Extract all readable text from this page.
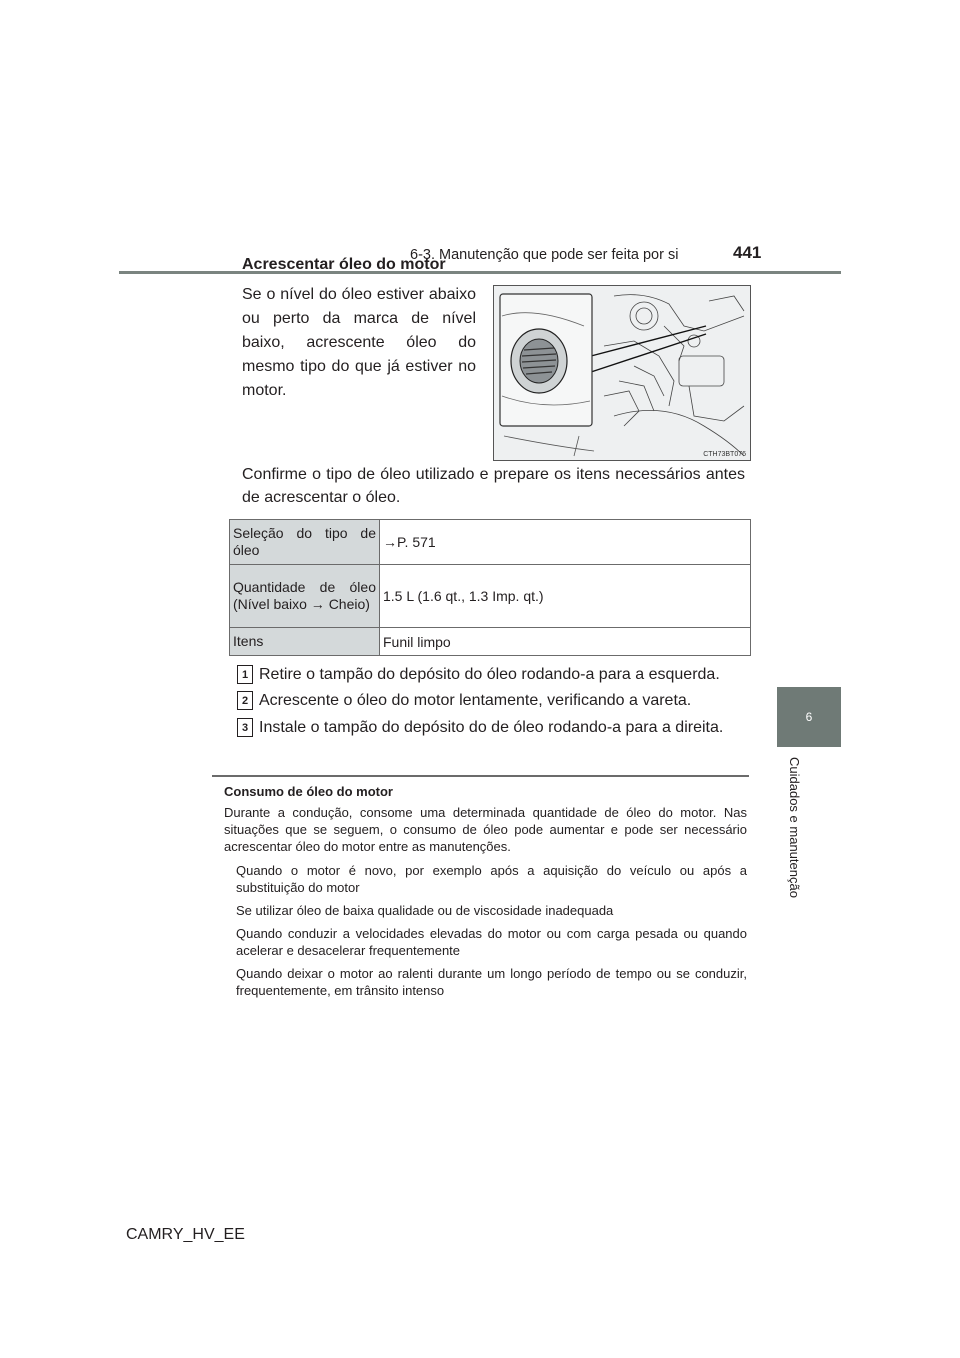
6-3. Manutenção que pode ser feita por si	441
6
Cuidados e manutenção
Acrescentar óleo do motor
Se o nível do óleo estiver abaixo ou perto da marca de nível baixo, acrescente óleo do mesmo tipo do que já estiver no motor.
CTH73BT076
Confirme o tipo de óleo utilizado e prepare os itens necessários antes de acrescentar o óleo.
Seleção do tipo de óleo	→P. 571
Quantidade de óleo (Nível baixo → Cheio)	1.5 L (1.6 qt., 1.3 Imp. qt.)
Itens	Funil limpo
1 Retire o tampão do depósito do óleo rodando-a para a esquerda.
2 Acrescente o óleo do motor lentamente, verificando a vareta.
3 Instale o tampão do depósito do de óleo rodando-a para a direita.
Consumo de óleo do motor
Durante a condução, consome uma determinada quantidade de óleo do motor. Nas situações que se seguem, o consumo de óleo pode aumentar e pode ser necessário acrescentar óleo do motor entre as manutenções.
Quando o motor é novo, por exemplo após a aquisição do veículo ou após a substituição do motor
Se utilizar óleo de baixa qualidade ou de viscosidade inadequada
Quando conduzir a velocidades elevadas do motor ou com carga pesada ou quando acelerar e desacelerar frequentemente
Quando deixar o motor ao ralenti durante um longo período de tempo ou se conduzir, frequentemente, em trânsito intenso
CAMRY_HV_EE
